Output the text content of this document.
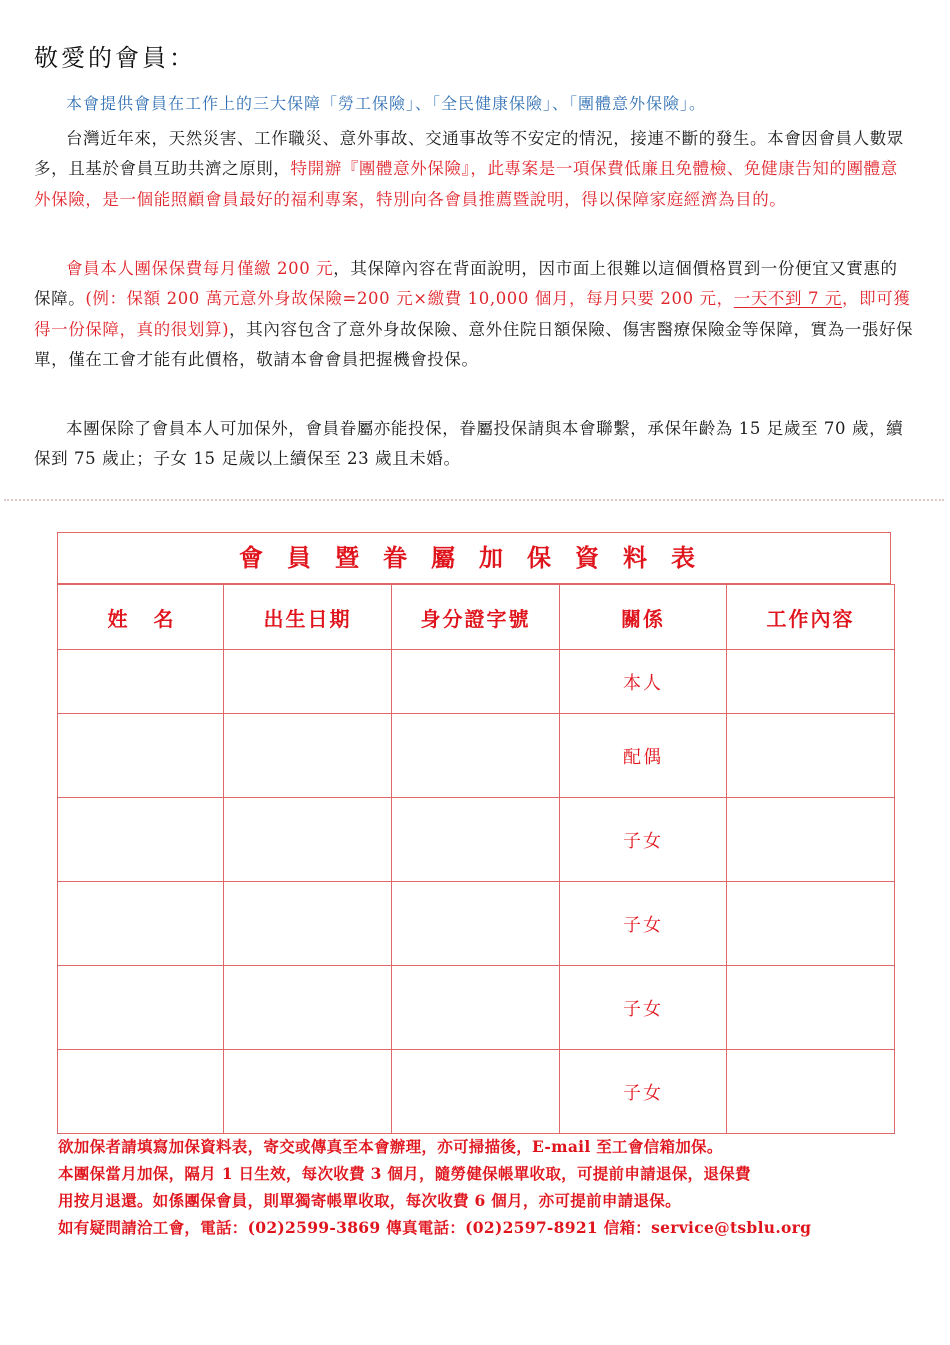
敬愛的會員：
本會提供會員在工作上的三大保障「勞工保險」、「全民健康保險」、「團體意外保險」。
台灣近年來，天然災害、工作職災、意外事故、交通事故等不安定的情況，接連不斷的發生。本會因會員人數眾多，且基於會員互助共濟之原則，特開辦『團體意外保險』，此專案是一項保費低廉且免體檢、免健康告知的團體意外保險，是一個能照顧會員最好的福利專案，特別向各會員推薦暨說明，得以保障家庭經濟為目的。
會員本人團保保費每月僅繳 200 元，其保障內容在背面說明，因市面上很難以這個價格買到一份便宜又實惠的保障。(例：保額 200 萬元意外身故保險=200 元×繳費 10,000 個月，每月只要 200 元，一天不到 7 元，即可獲得一份保障，真的很划算)，其內容包含了意外身故保險、意外住院日額保險、傷害醫療保險金等保障，實為一張好保單，僅在工會才能有此價格，敬請本會會員把握機會投保。
本團保除了會員本人可加保外，會員眷屬亦能投保，眷屬投保請與本會聯繫，承保年齡為 15 足歲至 70 歲，續保到 75 歲止；子女 15 足歲以上續保至 23 歲且未婚。
會員暨眷屬加保資料表
姓名	出生日期	身分證字號	關係	工作內容
			本人	
			配偶	
			子女	
			子女	
			子女	
			子女	
欲加保者請填寫加保資料表，寄交或傳真至本會辦理，亦可掃描後，E-mail 至工會信箱加保。
本團保當月加保，隔月 1 日生效，每次收費 3 個月，隨勞健保帳單收取，可提前申請退保，退保費
用按月退還。如係團保會員，則單獨寄帳單收取，每次收費 6 個月，亦可提前申請退保。
如有疑問請洽工會，電話：(02)2599-3869 傳真電話：(02)2597-8921 信箱：service@tsblu.org
